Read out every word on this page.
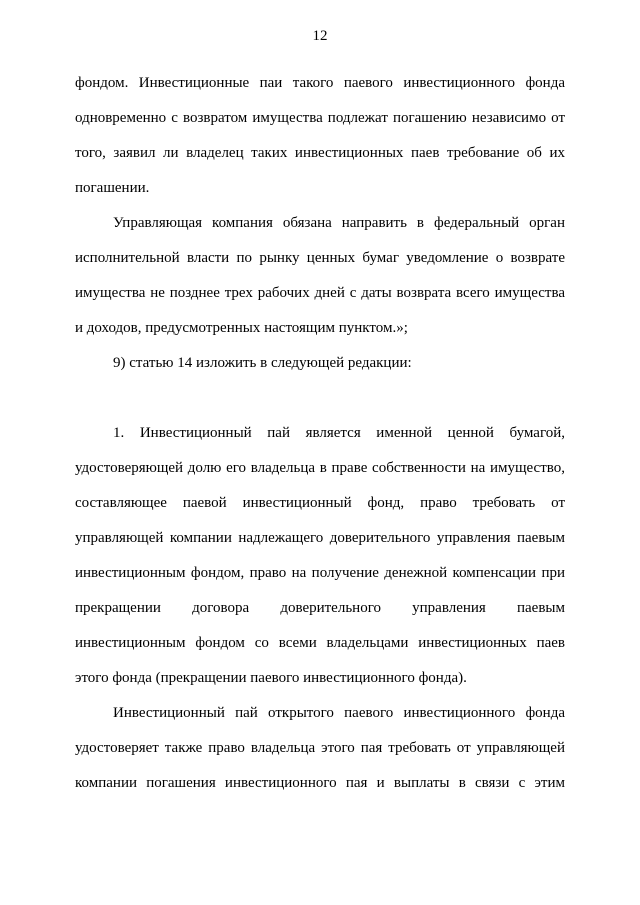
12
фондом. Инвестиционные паи такого паевого инвестиционного фонда
одновременно с возвратом имущества подлежат погашению независимо от
того, заявил ли владелец таких инвестиционных паев требование об их
погашении.
Управляющая компания обязана направить в федеральный орган
исполнительной власти по рынку ценных бумаг уведомление о возврате
имущества не позднее трех рабочих дней с даты возврата всего имущества
и доходов, предусмотренных настоящим пунктом.»;
9) статью 14 изложить в следующей редакции:

1. Инвестиционный пай является именной ценной бумагой,
удостоверяющей долю его владельца в праве собственности на имущество,
составляющее паевой инвестиционный фонд, право требовать от
управляющей компании надлежащего доверительного управления паевым
инвестиционным фондом, право на получение денежной компенсации при
прекращении договора доверительного управления паевым
инвестиционным фондом со всеми владельцами инвестиционных паев
этого фонда (прекращении паевого инвестиционного фонда).
Инвестиционный пай открытого паевого инвестиционного фонда
удостоверяет также право владельца этого пая требовать от управляющей
компании погашения инвестиционного пая и выплаты в связи с этим
